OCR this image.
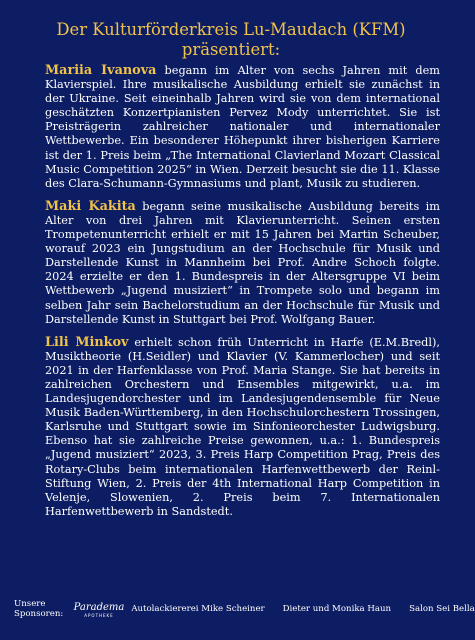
Der Kulturförderkreis Lu-Maudach (KFM)
präsentiert:

Mariia Ivanova begann im Alter von sechs Jahren mit dem Klavierspiel. Ihre musikalische Ausbildung erhielt sie zunächst in der Ukraine. Seit eineinhalb Jahren wird sie von dem international geschätzten Konzertpianisten Pervez Mody unterrichtet. Sie ist Preisträgerin zahlreicher nationaler und internationaler Wettbewerbe. Ein besonderer Höhepunkt ihrer bisherigen Karriere ist der 1. Preis beim „The International Clavierland Mozart Classical Music Competition 2025“ in Wien. Derzeit besucht sie die 11. Klasse des Clara-Schumann-Gymnasiums und plant, Musik zu studieren.

Maki Kakita begann seine musikalische Ausbildung bereits im Alter von drei Jahren mit Klavierunterricht. Seinen ersten Trompetenunterricht erhielt er mit 15 Jahren bei Martin Scheuber, worauf 2023 ein Jungstudium an der Hochschule für Musik und Darstellende Kunst in Mannheim bei Prof. Andre Schoch folgte. 2024 erzielte er den 1. Bundespreis in der Altersgruppe VI beim Wettbewerb „Jugend musiziert“ in Trompete solo und begann im selben Jahr sein Bachelorstudium an der Hochschule für Musik und Darstellende Kunst in Stuttgart bei Prof. Wolfgang Bauer.

Lili Minkov erhielt schon früh Unterricht in Harfe (E.M.Bredl), Musiktheorie (H.Seidler) und Klavier (V. Kammerlocher) und seit 2021 in der Harfenklasse von Prof. Maria Stange. Sie hat bereits in zahlreichen Orchestern und Ensembles mitgewirkt, u.a. im Landesjugendorchester und im Landesjugendensemble für Neue Musik Baden-Württemberg, in den Hochschulorchestern Trossingen, Karlsruhe und Stuttgart sowie im Sinfonieorchester Ludwigsburg. Ebenso hat sie zahlreiche Preise gewonnen, u.a.: 1. Bundespreis „Jugend musiziert“ 2023, 3. Preis Harp Competition Prag, Preis des Rotary-Clubs beim internationalen Harfenwettbewerb der Reinl-Stiftung Wien, 2. Preis der 4th International Harp Competition in Velenje, Slowenien, 2. Preis beim 7. Internationalen Harfenwettbewerb in Sandstedt.

Unsere Sponsoren:
Paradema
APOTHEKE
Autolackiererei Mike Scheiner Dieter und Monika Haun Salon Sei Bella
